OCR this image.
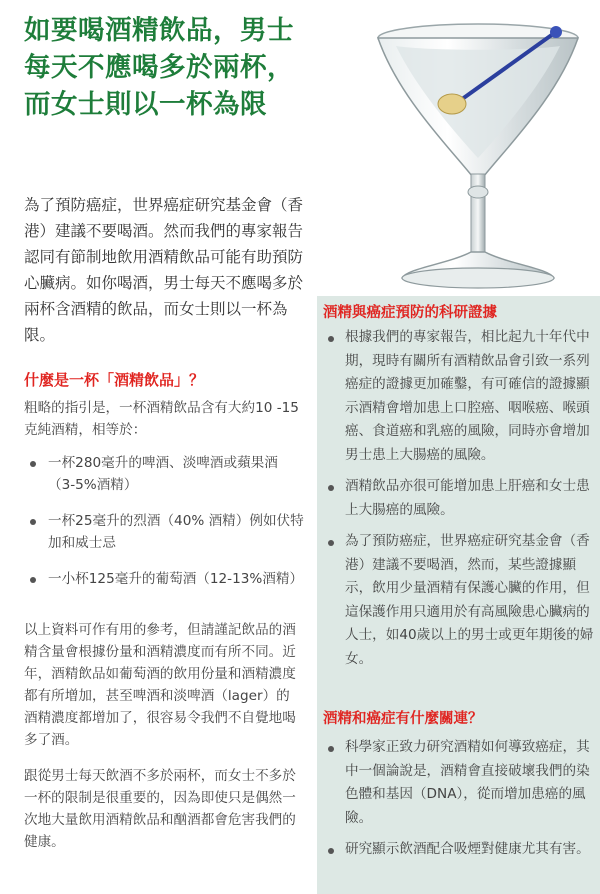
如要喝酒精飲品，男士每天不應喝多於兩杯，而女士則以一杯為限

為了預防癌症，世界癌症研究基金會（香港）建議不要喝酒。然而我們的專家報告認同有節制地飲用酒精飲品可能有助預防心臟病。如你喝酒，男士每天不應喝多於兩杯含酒精的飲品，而女士則以一杯為限。

什麼是一杯「酒精飲品」？

粗略的指引是，一杯酒精飲品含有大約10 -15克純酒精，相等於：

一杯280毫升的啤酒、淡啤酒或蘋果酒（3-5%酒精）
一杯25毫升的烈酒（40% 酒精）例如伏特加和威士忌
一小杯125毫升的葡萄酒（12-13%酒精）

以上資料可作有用的參考，但請謹記飲品的酒精含量會根據份量和酒精濃度而有所不同。近年，酒精飲品如葡萄酒的飲用份量和酒精濃度都有所增加，甚至啤酒和淡啤酒（lager）的酒精濃度都增加了，很容易令我們不自覺地喝多了酒。

跟從男士每天飲酒不多於兩杯，而女士不多於一杯的限制是很重要的，因為即使只是偶然一次地大量飲用酒精飲品和酗酒都會危害我們的健康。

酒精與癌症預防的科研證據
根據我們的專家報告，相比起九十年代中期，現時有關所有酒精飲品會引致一系列癌症的證據更加確鑿，有可確信的證據顯示酒精會增加患上口腔癌、咽喉癌、喉頭癌、食道癌和乳癌的風險，同時亦會增加男士患上大腸癌的風險。
酒精飲品亦很可能增加患上肝癌和女士患上大腸癌的風險。
為了預防癌症，世界癌症研究基金會（香港）建議不要喝酒，然而，某些證據顯示，飲用少量酒精有保護心臟的作用，但這保護作用只適用於有高風險患心臟病的人士，如40歲以上的男士或更年期後的婦女。
酒精和癌症有什麼關連？
科學家正致力研究酒精如何導致癌症，其中一個論說是，酒精會直接破壞我們的染色體和基因（DNA），從而增加患癌的風險。
研究顯示飲酒配合吸煙對健康尤其有害。
